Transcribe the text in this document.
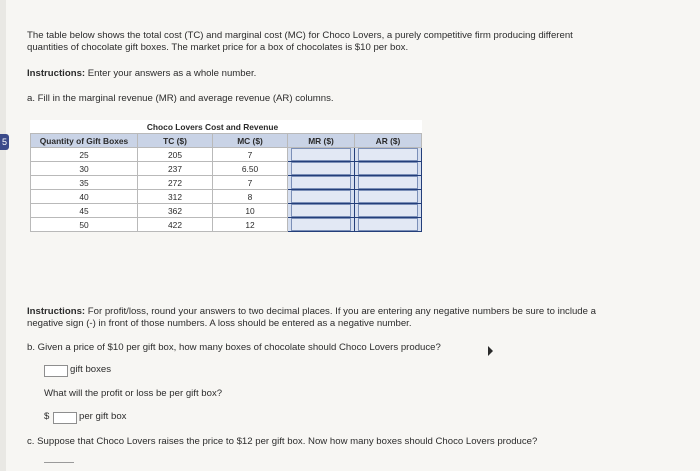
5
The table below shows the total cost (TC) and marginal cost (MC) for Choco Lovers, a purely competitive firm producing different
quantities of chocolate gift boxes. The market price for a box of chocolates is $10 per box.
Instructions: Enter your answers as a whole number.
a. Fill in the marginal revenue (MR) and average revenue (AR) columns.
	Choco Lovers Cost and Revenue			
Quantity of Gift Boxes	TC ($)	MC ($)	MR ($)	AR ($)
25	205	7	

30	237	6.50	

35	272	7	

40	312	8	

45	362	10	

50	422	12	

Instructions: For profit/loss, round your answers to two decimal places. If you are entering any negative numbers be sure to include a
negative sign (-) in front of those numbers. A loss should be entered as a negative number.
b. Given a price of $10 per gift box, how many boxes of chocolate should Choco Lovers produce?
gift boxes
What will the profit or loss be per gift box?
$	per gift box
c. Suppose that Choco Lovers raises the price to $12 per gift box. Now how many boxes should Choco Lovers produce?
